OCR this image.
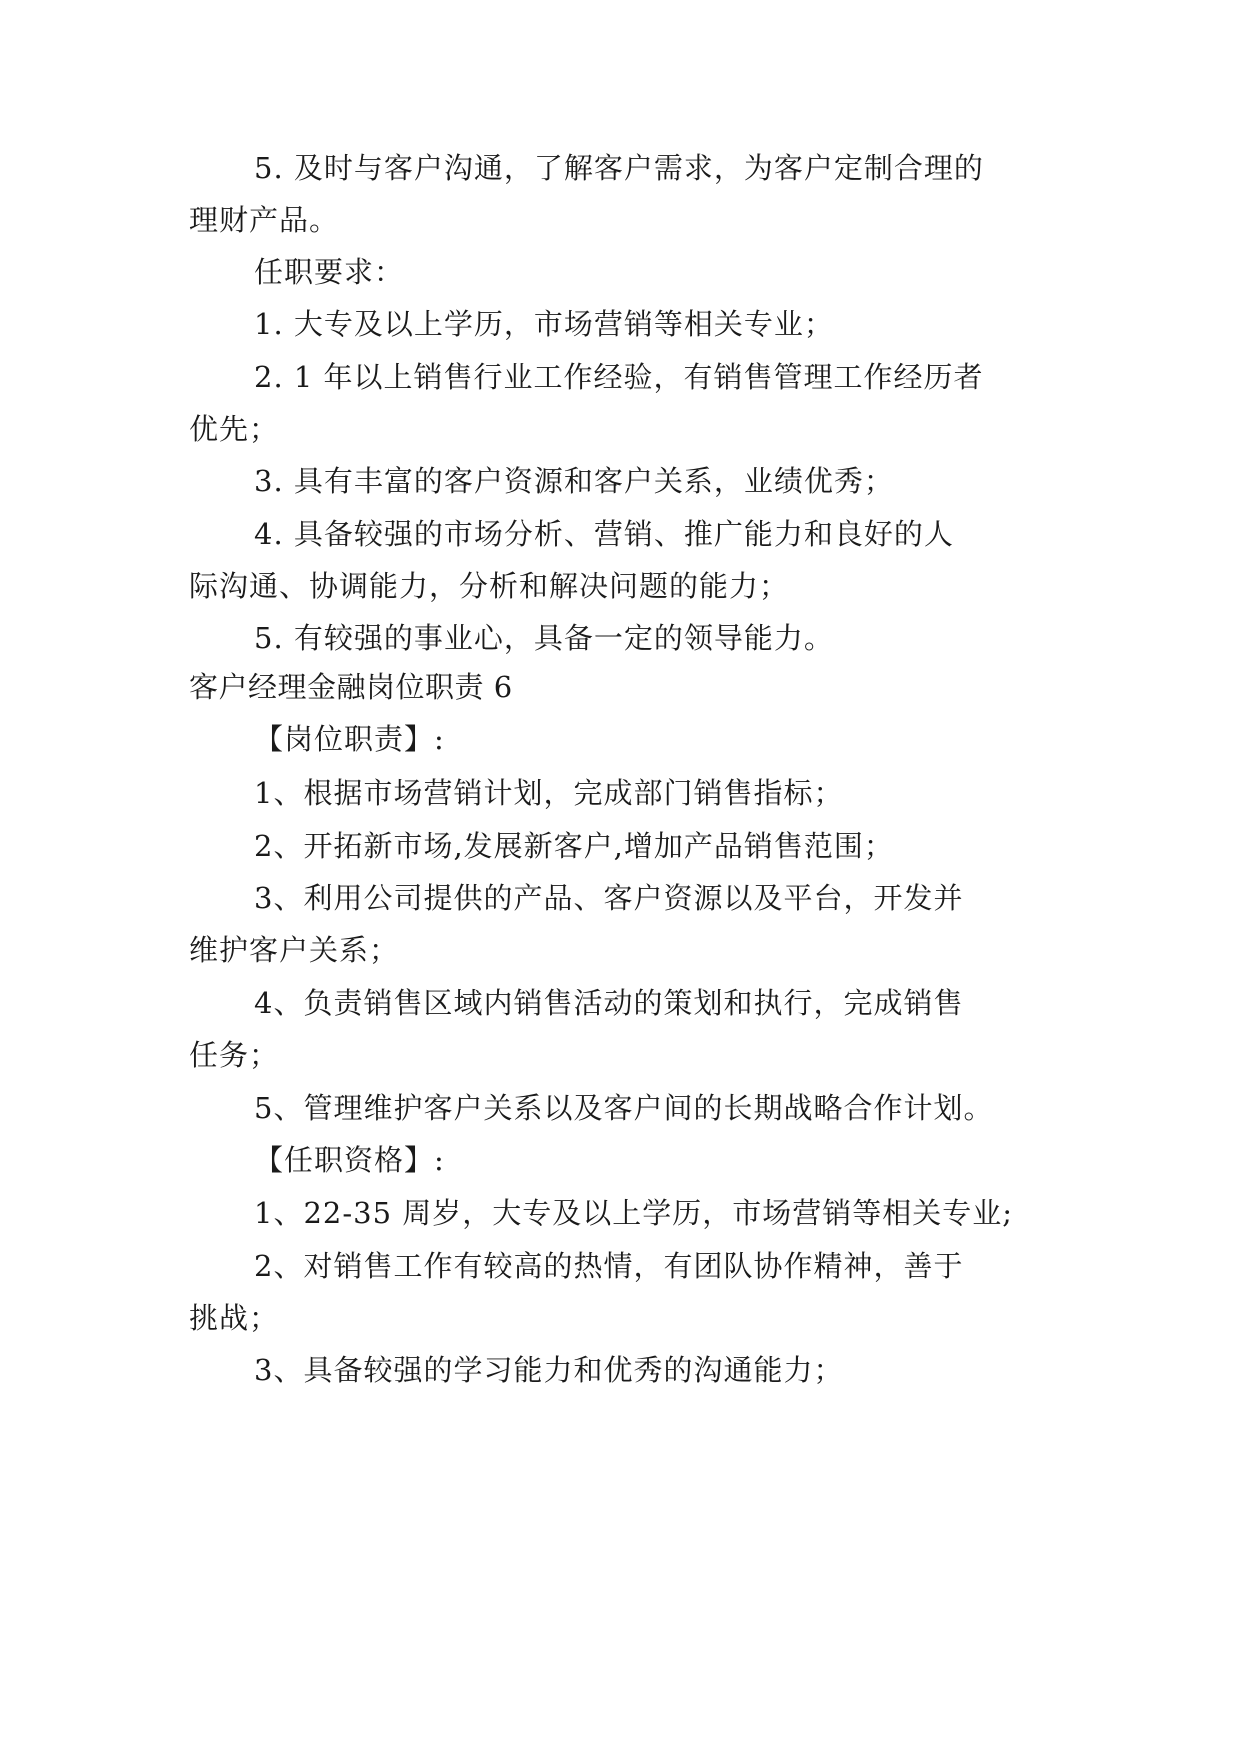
5. 及时与客户沟通，了解客户需求，为客户定制合理的
理财产品。
任职要求：
1. 大专及以上学历，市场营销等相关专业；
2. 1 年以上销售行业工作经验，有销售管理工作经历者
优先；
3. 具有丰富的客户资源和客户关系，业绩优秀；
4. 具备较强的市场分析、营销、推广能力和良好的人
际沟通、协调能力，分析和解决问题的能力；
5. 有较强的事业心，具备一定的领导能力。
客户经理金融岗位职责 6
【岗位职责】:
1、根据市场营销计划，完成部门销售指标；
2、开拓新市场,发展新客户,增加产品销售范围；
3、利用公司提供的产品、客户资源以及平台，开发并
维护客户关系；
4、负责销售区域内销售活动的策划和执行，完成销售
任务；
5、管理维护客户关系以及客户间的长期战略合作计划。
【任职资格】:
1、22-35 周岁，大专及以上学历，市场营销等相关专业;
2、对销售工作有较高的热情，有团队协作精神，善于
挑战；
3、具备较强的学习能力和优秀的沟通能力；
